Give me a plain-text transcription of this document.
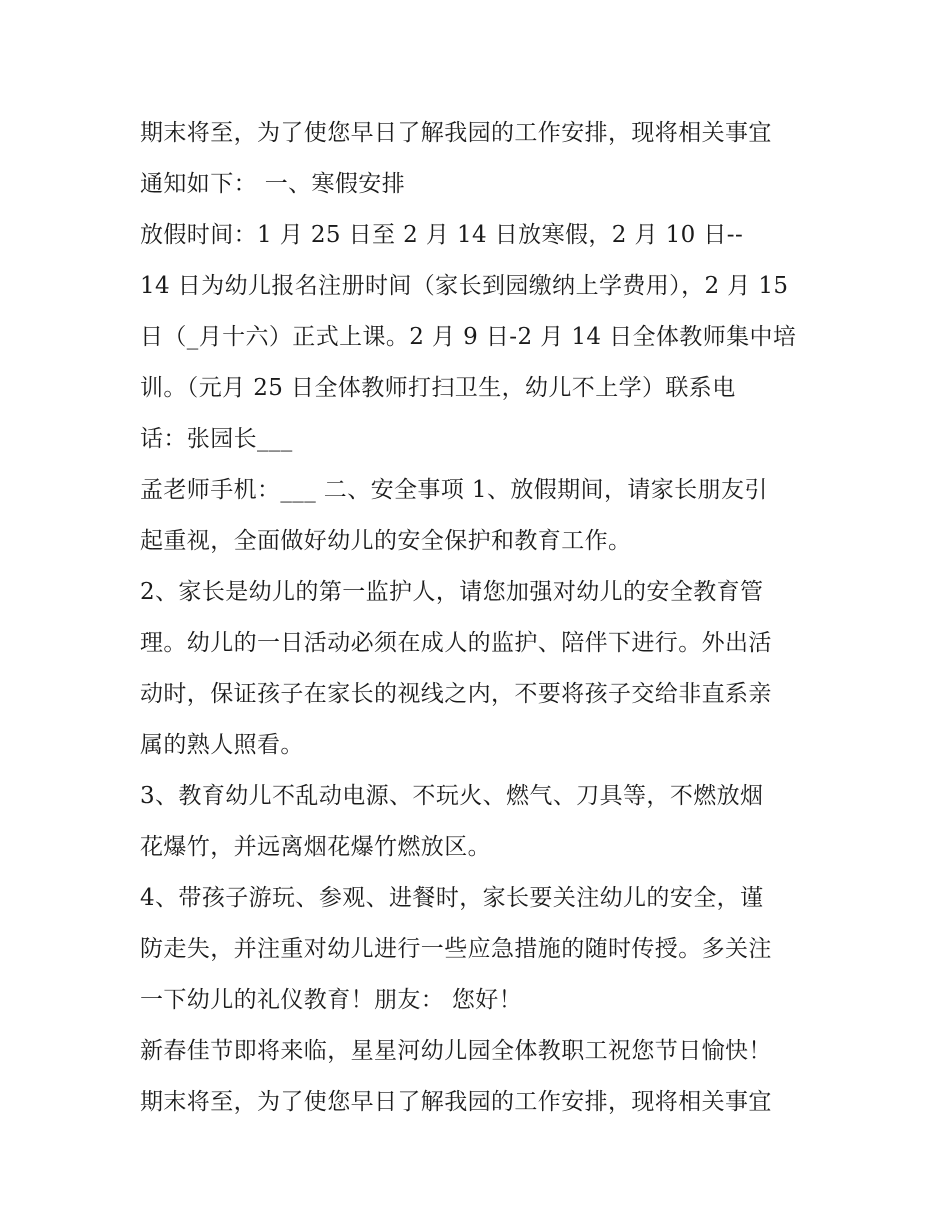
期末将至，为了使您早日了解我园的工作安排，现将相关事宜
通知如下： 一、寒假安排
放假时间：1 月 25 日至 2 月 14 日放寒假，2 月 10 日--
14 日为幼儿报名注册时间（家长到园缴纳上学费用），2 月 15
日（_月十六）正式上课。2 月 9 日-2 月 14 日全体教师集中培
训。（元月 25 日全体教师打扫卫生，幼儿不上学）联系电
话：张园长___
孟老师手机：___ 二、安全事项 1、放假期间，请家长朋友引
起重视，全面做好幼儿的安全保护和教育工作。
2、家长是幼儿的第一监护人，请您加强对幼儿的安全教育管
理。幼儿的一日活动必须在成人的监护、陪伴下进行。外出活
动时，保证孩子在家长的视线之内，不要将孩子交给非直系亲
属的熟人照看。
3、教育幼儿不乱动电源、不玩火、燃气、刀具等，不燃放烟
花爆竹，并远离烟花爆竹燃放区。
4、带孩子游玩、参观、进餐时，家长要关注幼儿的安全，谨
防走失，并注重对幼儿进行一些应急措施的随时传授。多关注
一下幼儿的礼仪教育！朋友： 您好！
新春佳节即将来临，星星河幼儿园全体教职工祝您节日愉快！
期末将至，为了使您早日了解我园的工作安排，现将相关事宜
